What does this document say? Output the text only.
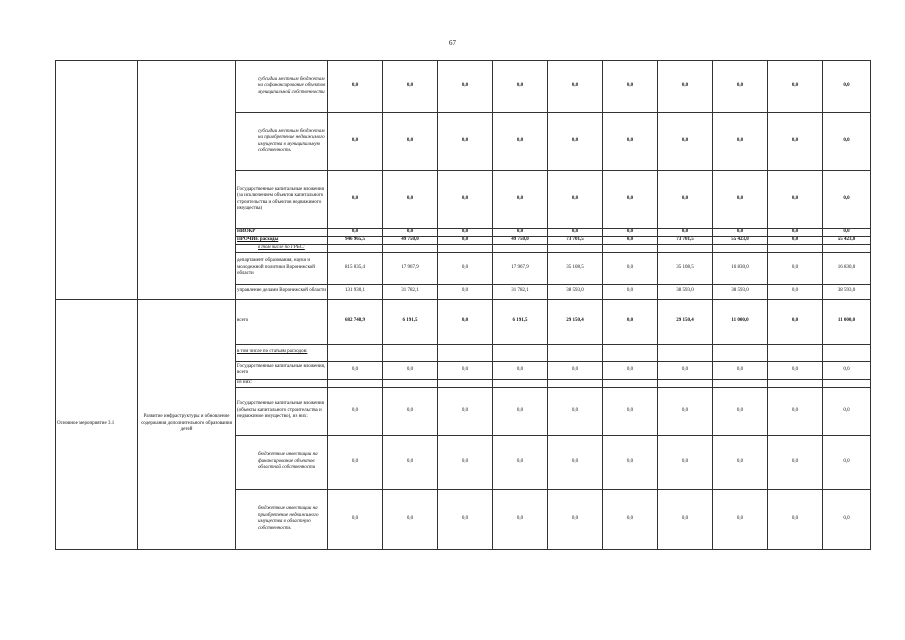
67
		субсидии местным бюджетам на софинансирование объектов муниципальной собственности	0,0	0,0	0,0	0,0	0,0	0,0	0,0	0,0	0,0	0,0
		субсидии местным бюджетам на приобретение недвижимого имущества в муниципальную собственность	0,0	0,0	0,0	0,0	0,0	0,0	0,0	0,0	0,0	0,0
		Государственные капитальные вложения (за исключением объектов капитального строительства и объектов недвижимого имущества)	0,0	0,0	0,0	0,0	0,0	0,0	0,0	0,0	0,0	0,0
		НИОКР	0,0	0,0	0,0	0,0	0,0	0,0	0,0	0,0	0,0	0,0
		ПРОЧИЕ расходы	946 965,5	49 750,0	0,0	49 750,0	73 701,5	0,0	73 701,5	55 423,0	0,0	55 423,0
		в том числе по ГРБС:										
		департамент образования, науки и молодежной политики Воронежской области	815 035,4	17 967,9	0,0	17 967,9	35 108,5	0,0	35 108,5	16 830,0	0,0	16 830,0
		управление делами Воронежской области	131 930,1	31 782,1	0,0	31 782,1	38 593,0	0,0	38 593,0	38 593,0	0,0	38 593,0
Основное мероприятие 3.1	Развитие инфраструктуры и обновление содержания дополнительного образования детей	всего	682 748,9	6 191,5	0,0	6 191,5	29 150,4	0,0	29 150,4	11 000,0	0,0	11 000,0
		в том числе по статьям расходов:										
		Государственные капитальные вложения, всего	0,0	0,0	0,0	0,0	0,0	0,0	0,0	0,0	0,0	0,0
		из них:										
		Государственные капитальные вложения (объекты капитального строительства и недвижимое имущество), из них:	0,0	0,0	0,0	0,0	0,0	0,0	0,0	0,0	0,0	0,0
		бюджетные инвестиции на финансирование объектов областной собственности	0,0	0,0	0,0	0,0	0,0	0,0	0,0	0,0	0,0	0,0
		бюджетные инвестиции на приобретение недвижимого имущества в областную собственность	0,0	0,0	0,0	0,0	0,0	0,0	0,0	0,0	0,0	0,0
